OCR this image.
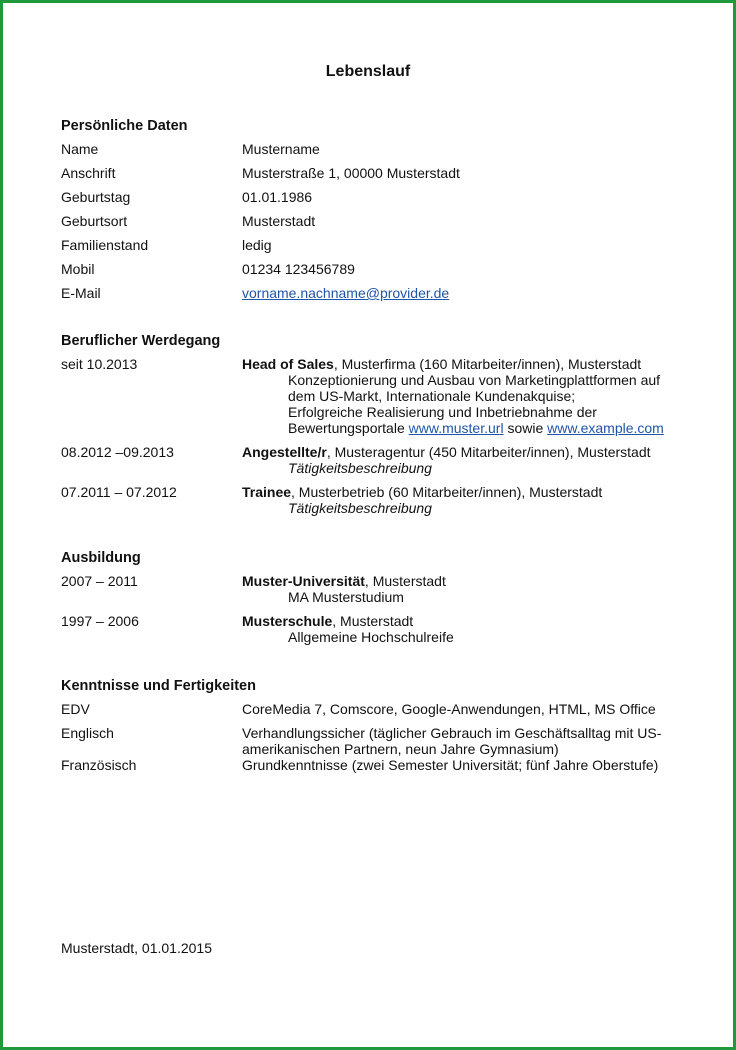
Lebenslauf
Persönliche Daten
Name	Mustername
Anschrift	Musterstraße 1, 00000 Musterstadt
Geburtstag	01.01.1986
Geburtsort	Musterstadt
Familienstand	ledig
Mobil	01234 123456789
E-Mail	vorname.nachname@provider.de
Beruflicher Werdegang
seit 10.2013	Head of Sales, Musterfirma (160 Mitarbeiter/innen), Musterstadt
Konzeptionierung und Ausbau von Marketingplattformen auf
dem US-Markt, Internationale Kundenakquise;
Erfolgreiche Realisierung und Inbetriebnahme der
Bewertungsportale www.muster.url sowie www.example.com
08.2012 –09.2013	Angestellte/r, Musteragentur (450 Mitarbeiter/innen), Musterstadt
Tätigkeitsbeschreibung
07.2011 – 07.2012	Trainee, Musterbetrieb (60 Mitarbeiter/innen), Musterstadt
Tätigkeitsbeschreibung
Ausbildung
2007 – 2011	Muster-Universität, Musterstadt
MA Musterstudium
1997 – 2006	Musterschule, Musterstadt
Allgemeine Hochschulreife
Kenntnisse und Fertigkeiten
EDV	CoreMedia 7, Comscore, Google-Anwendungen, HTML, MS Office
Englisch	Verhandlungssicher (täglicher Gebrauch im Geschäftsalltag mit US-
amerikanischen Partnern, neun Jahre Gymnasium)
Französisch	Grundkenntnisse (zwei Semester Universität; fünf Jahre Oberstufe)
Musterstadt, 01.01.2015
